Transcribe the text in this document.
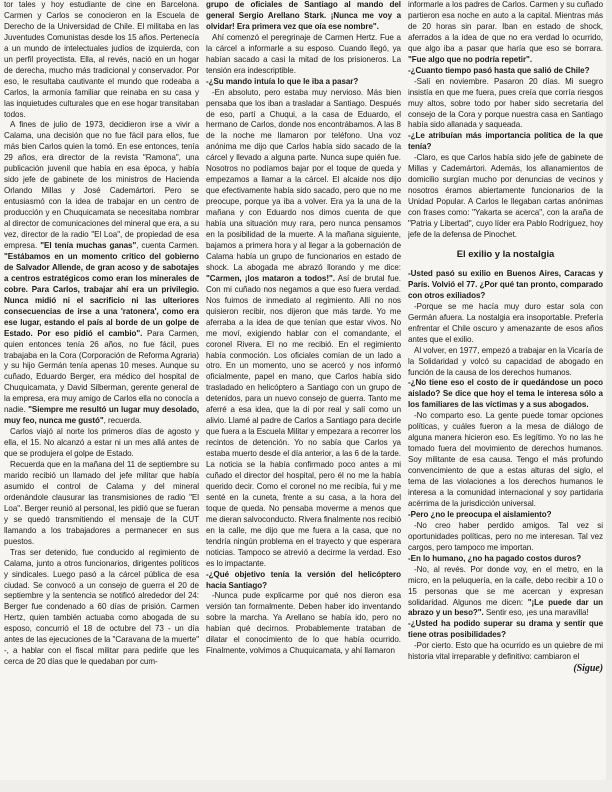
tor tales y hoy estudiante de cine en Barcelona. Carmen y Carlos se conocieron en la Escuela de Derecho de la Universidad de Chile. El militaba en las Juventudes Comunistas desde los 15 años. Pertenecía a un mundo de intelectuales judíos de izquierda, con un perfil proyectista. Ella, al revés, nació en un hogar de derecha, mucho más tradicional y conservador. Por eso, le resultaba cautivante el mundo que rodeaba a Carlos, la armonía familiar que reinaba en su casa y las inquietudes culturales que en ese hogar transitaban todos.

A fines de julio de 1973, decidieron irse a vivir a Calama, una decisión que no fue fácil para ellos, fue más bien Carlos quien la tomó. En ese entonces, tenía 29 años, era director de la revista "Ramona", una publicación juvenil que había en esa época, y había sido jefe de gabinete de los ministros de Hacienda Orlando Millas y José Cademártori. Pero se entusiasmó con la idea de trabajar en un centro de producción y en Chuquicamata se necesitaba nombrar al director de comunicaciones del mineral que era, a su vez, director de la radio "El Loa", de propiedad de esa empresa. "El tenía muchas ganas", cuenta Carmen. "Estábamos en un momento crítico del gobierno de Salvador Allende, de gran acoso y de sabotajes a centros estratégicos como eran los minerales de cobre. Para Carlos, trabajar ahí era un privilegio. Nunca midió ni el sacrificio ni las ulteriores consecuencias de irse a una 'ratonera', como era ese lugar, estando el país al borde de un golpe de Estado. Por eso pidió el cambio". Para Carmen, quien entonces tenía 26 años, no fue fácil, pues trabajaba en la Cora (Corporación de Reforma Agraria) y su hijo Germán tenía apenas 10 meses. Aunque su cuñado, Eduardo Berger, era médico del hospital de Chuquicamata, y David Silberman, gerente general de la empresa, era muy amigo de Carlos ella no conocía a nadie. "Siempre me resultó un lugar muy desolado, muy feo, nunca me gustó", recuerda.

Carlos viajó al norte los primeros días de agosto y ella, el 15. No alcanzó a estar ni un mes allá antes de que se produjera el golpe de Estado.

Recuerda que en la mañana del 11 de septiembre su marido recibió un llamado del jefe militar que había asumido el control de Calama y del mineral ordenándole clausurar las transmisiones de radio "El Loa". Berger reunió al personal, les pidió que se fueran y se quedó transmitiendo el mensaje de la CUT llamando a los trabajadores a permanecer en sus puestos.

Tras ser detenido, fue conducido al regimiento de Calama, junto a otros funcionarios, dirigentes políticos y sindicales. Luego pasó a la cárcel pública de esa ciudad. Se convocó a un consejo de guerra el 20 de septiembre y la sentencia se notificó alrededor del 24: Berger fue condenado a 60 días de prisión. Carmen Hertz, quien también actuaba como abogada de su esposo, concurrió el 18 de octubre del 73 - un día antes de las ejecuciones de la "Caravana de la muerte" -, a hablar con el fiscal militar para pedirle que les cerca de 20 días que le quedaban por cum-

grupo de oficiales de Santiago al mando del general Sergio Arellano Stark. ¡Nunca me voy a olvidar! Era primera vez que oía ese nombre".

Ahí comenzó el peregrinaje de Carmen Hertz. Fue a la cárcel a informarle a su esposo. Cuando llegó, ya habían sacado a casi la mitad de los prisioneros. La tensión era indescriptible.

-¿Su mando intuía lo que le iba a pasar?

-En absoluto, pero estaba muy nervioso. Más bien pensaba que los iban a trasladar a Santiago. Después de eso, partí a Chuqui, a la casa de Eduardo, el hermano de Carlos, donde nos encontrábamos. A las 8 de la noche me llamaron por teléfono. Una voz anónima me dijo que Carlos había sido sacado de la cárcel y llevado a alguna parte. Nunca supe quién fue. Nosotros no podíamos bajar por el toque de queda y empezamos a llamar a la cárcel. El alcaide nos dijo que efectivamente había sido sacado, pero que no me preocupe, porque ya iba a volver. Era ya la una de la mañana y con Eduardo nos dimos cuenta de que había una situación muy rara, pero nunca pensamos en la posibilidad de la muerte. A la mañana siguiente, bajamos a primera hora y al llegar a la gobernación de Calama había un grupo de funcionarios en estado de shock. La abogada me abrazó llorando y me dice: "Carmen, ¡los mataron a todos!". Así de brutal fue. Con mi cuñado nos negamos a que eso fuera verdad. Nos fuimos de inmediato al regimiento. Allí no nos quisieron recibir, nos dijeron que más tarde. Yo me aferraba a la idea de que tenían que estar vivos. No me moví, exigiendo hablar con el comandante, el coronel Rivera. El no me recibió. En el regimiento había conmoción. Los oficiales comían de un lado a otro. En un momento, uno se acercó y nos informó oficialmente, papel en mano, que Carlos había sido trasladado en helicóptero a Santiago con un grupo de detenidos, para un nuevo consejo de guerra. Tanto me aferré a esa idea, que la di por real y salí como un alivio. Llamé al padre de Carlos a Santiago para decirle que fuera a la Escuela Militar y empezara a recorrer los recintos de detención. Yo no sabía que Carlos ya estaba muerto desde el día anterior, a las 6 de la tarde. La noticia se la había confirmado poco antes a mi cuñado el director del hospital, pero él no me la había querido decir. Como el coronel no me recibía, fui y me senté en la cuneta, frente a su casa, a la hora del toque de queda. No pensaba moverme a menos que me dieran salvoconducto. Rivera finalmente nos recibió en la calle, me dijo que me fuera a la casa, que no tendría ningún problema en el trayecto y que esperara noticias. Tampoco se atrevió a decirme la verdad. Eso es lo impactante.

-¿Qué objetivo tenía la versión del helicóptero hacia Santiago?

-Nunca pude explicarme por qué nos dieron esa versión tan formalmente. Deben haber ido inventando sobre la marcha. Ya Arellano se había ido, pero no habían qué decirnos. Probablemente trataban de dilatar el conocimiento de lo que había ocurrido. Finalmente, volvimos a Chuquicamata, y ahí llamaron

informarle a los padres de Carlos. Carmen y su cuñado partieron esa noche en auto a la capital. Mientras más de 20 horas sin parar. Iban en estado de shock, aferrados a la idea de que no era verdad lo ocurrido, que algo iba a pasar que haría que eso se borrara. "Fue algo que no podría repetir".

-¿Cuanto tiempo pasó hasta que salió de Chile?

-Salí en noviembre. Pasaron 20 días. Mi suegro insistía en que me fuera, pues creía que corría riesgos muy altos, sobre todo por haber sido secretaria del consejo de la Cora y porque nuestra casa en Santiago había sido allanada y saqueada.

-¿Le atribuían más importancia política de la que tenía?

-Claro, es que Carlos había sido jefe de gabinete de Millas y Cademártori. Además, los allanamientos de domicilio surgían mucho por denuncias de vecinos y nosotros éramos abiertamente funcionarios de la Unidad Popular. A Carlos le llegaban cartas anónimas con frases como: "Yakarta se acerca", con la araña de "Patria y Libertad", cuyo líder era Pablo Rodríguez, hoy jefe de la defensa de Pinochet.

El exilio y la nostalgia

-Usted pasó su exilio en Buenos Aires, Caracas y París. Volvió el 77. ¿Por qué tan pronto, comparado con otros exiliados?

-Porque se me hacía muy duro estar sola con Germán afuera. La nostalgia era insoportable. Prefería enfrentar el Chile oscuro y amenazante de esos años antes que el exilio.

Al volver, en 1977, empezó a trabajar en la Vicaría de la Solidaridad y volcó su capacidad de abogado en función de la causa de los derechos humanos.

-¿No tiene eso el costo de ir quedándose un poco aislado? Se dice que hoy el tema le interesa sólo a los familiares de las víctimas y a sus abogados.

-No comparto eso. La gente puede tomar opciones políticas, y cuáles fueron a la mesa de diálogo de alguna manera hicieron eso. Es legítimo. Yo no las he tomado fuera del movimiento de derechos humanos. Soy militante de esa causa. Tengo el más profundo convencimiento de que a estas alturas del siglo, el tema de las violaciones a los derechos humanos le interesa a la comunidad internacional y soy partidaria acérrima de la jurisdicción universal.

-Pero ¿no le preocupa el aislamiento?

-No creo haber perdido amigos. Tal vez si oportunidades políticas, pero no me interesan. Tal vez cargos, pero tampoco me importan.

-En lo humano, ¿no ha pagado costos duros?

-No, al revés. Por donde voy, en el metro, en la micro, en la peluquería, en la calle, debo recibir a 10 o 15 personas que se me acercan y expresan solidaridad. Algunos me dicen: "¡Le puede dar un abrazo y un beso?". Sentir eso, ¡es una maravilla!

-¿Usted ha podido superar su drama y sentir que tiene otras posibilidades?

-Por cierto. Esto que ha ocurrido es un quiebre de mi historia vital irreparable y definitivo: cambiaron el

(Sigue)
